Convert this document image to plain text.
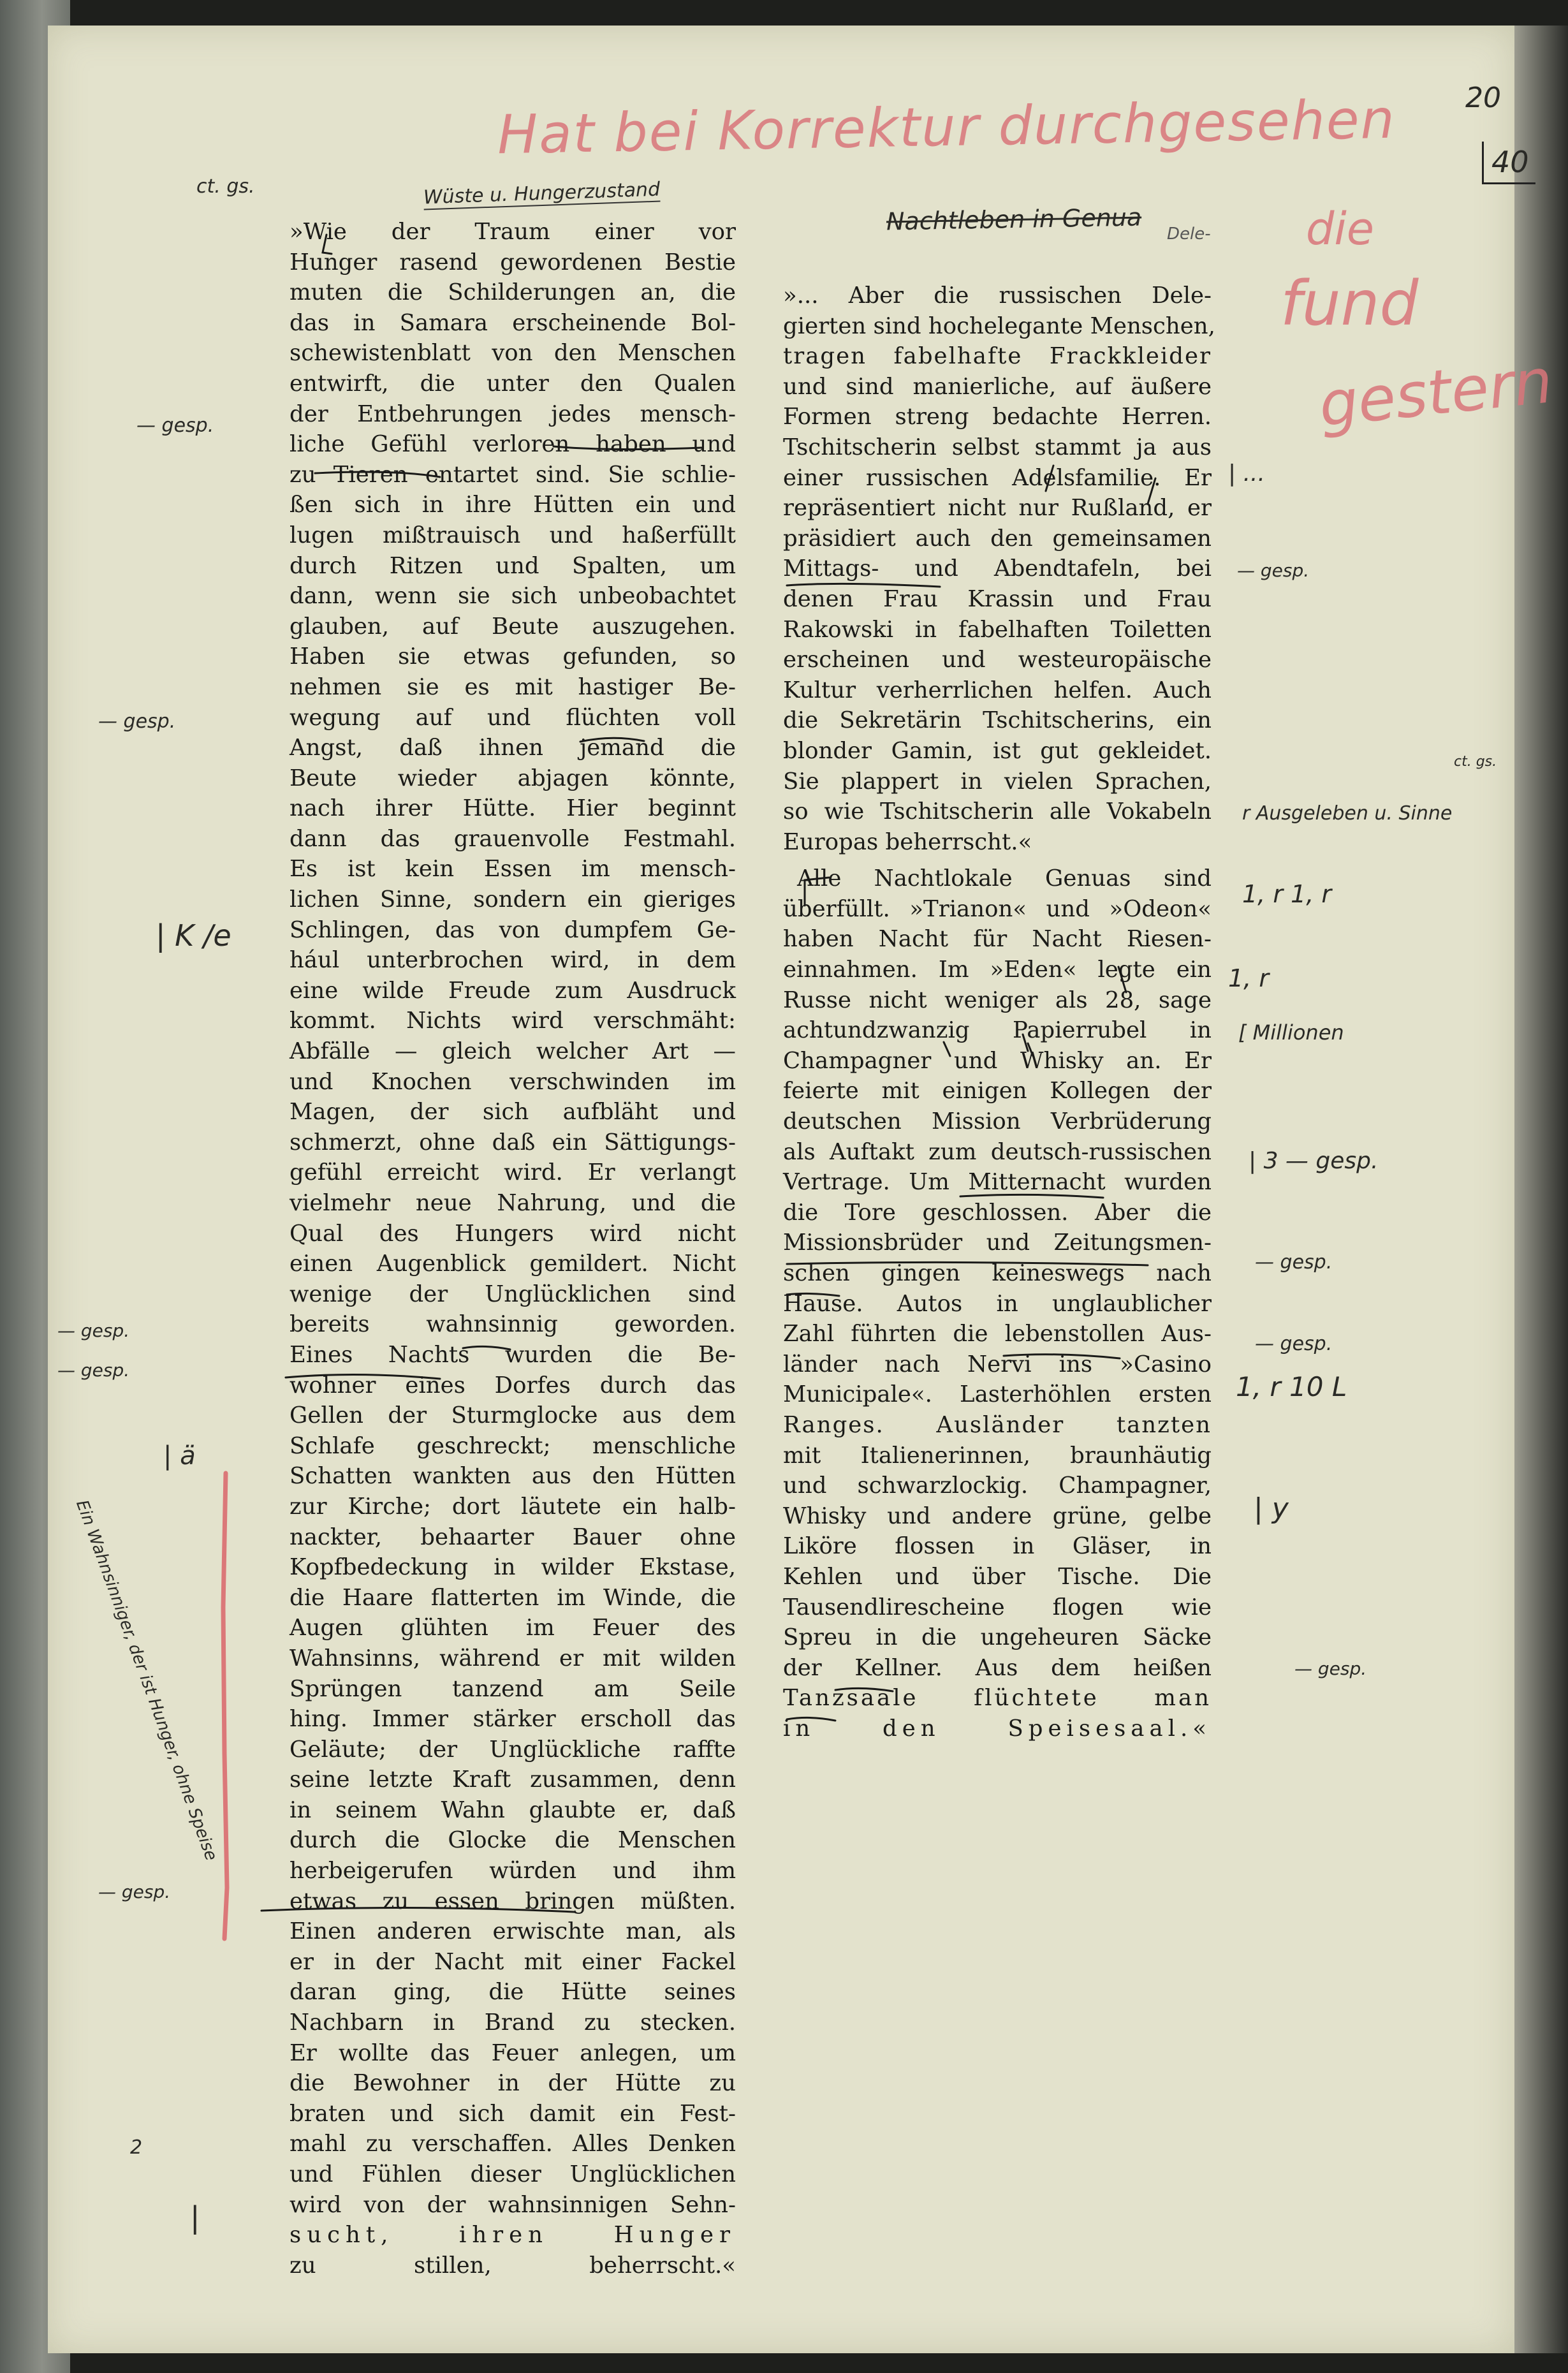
20
40
Hat bei Korrektur durchgesehen
die
fund
gestern
Wüste u. Hungerzustand
Nachtleben in Genua Dele-
ct. gs.
»Wie der Traum einer vor
Hunger rasend gewordenen Bestie
muten die Schilderungen an, die
das in Samara erscheinende Bol-
schewistenblatt von den Menschen
entwirft, die unter den Qualen
der Entbehrungen jedes mensch-
liche Gefühl verloren haben und
zu Tieren entartet sind. Sie schlie-
ßen sich in ihre Hütten ein und
lugen mißtrauisch und haßerfüllt
durch Ritzen und Spalten, um
dann, wenn sie sich unbeobachtet
glauben, auf Beute auszugehen.
Haben sie etwas gefunden, so
nehmen sie es mit hastiger Be-
wegung auf und flüchten voll
Angst, daß ihnen jemand die
Beute wieder abjagen könnte,
nach ihrer Hütte. Hier beginnt
dann das grauenvolle Festmahl.
Es ist kein Essen im mensch-
lichen Sinne, sondern ein gieriges
Schlingen, das von dumpfem Ge-
hául unterbrochen wird, in dem
eine wilde Freude zum Ausdruck
kommt. Nichts wird verschmäht:
Abfälle — gleich welcher Art —
und Knochen verschwinden im
Magen, der sich aufbläht und
schmerzt, ohne daß ein Sättigungs-
gefühl erreicht wird. Er verlangt
vielmehr neue Nahrung, und die
Qual des Hungers wird nicht
einen Augenblick gemildert. Nicht
wenige der Unglücklichen sind
bereits wahnsinnig geworden.
Eines Nachts wurden die Be-
wohner eines Dorfes durch das
Gellen der Sturmglocke aus dem
Schlafe geschreckt; menschliche
Schatten wankten aus den Hütten
zur Kirche; dort läutete ein halb-
nackter, behaarter Bauer ohne
Kopfbedeckung in wilder Ekstase,
die Haare flatterten im Winde, die
Augen glühten im Feuer des
Wahnsinns, während er mit wilden
Sprüngen tanzend am Seile
hing. Immer stärker erscholl das
Geläute; der Unglückliche raffte
seine letzte Kraft zusammen, denn
in seinem Wahn glaubte er, daß
durch die Glocke die Menschen
herbeigerufen würden und ihm
etwas zu essen bringen müßten.
Einen anderen erwischte man, als
er in der Nacht mit einer Fackel
daran ging, die Hütte seines
Nachbarn in Brand zu stecken.
Er wollte das Feuer anlegen, um
die Bewohner in der Hütte zu
braten und sich damit ein Fest-
mahl zu verschaffen. Alles Denken
und Fühlen dieser Unglücklichen
wird von der wahnsinnigen Sehn-
sucht, ihren Hunger
zu stillen, beherrscht.«
»... Aber die russischen Dele-
gierten sind hochelegante Menschen,
tragen fabelhafte Frackkleider
und sind manierliche, auf äußere
Formen streng bedachte Herren.
Tschitscherin selbst stammt ja aus
einer russischen Adelsfamilie. Er
repräsentiert nicht nur Rußland, er
präsidiert auch den gemeinsamen
Mittags- und Abendtafeln, bei
denen Frau Krassin und Frau
Rakowski in fabelhaften Toiletten
erscheinen und westeuropäische
Kultur verherrlichen helfen. Auch
die Sekretärin Tschitscherins, ein
blonder Gamin, ist gut gekleidet.
Sie plappert in vielen Sprachen,
so wie Tschitscherin alle Vokabeln
Europas beherrscht.«
Alle Nachtlokale Genuas sind
überfüllt. »Trianon« und »Odeon«
haben Nacht für Nacht Riesen-
einnahmen. Im »Eden« legte ein
Russe nicht weniger als 28, sage
achtundzwanzig Papierrubel in
Champagner und Whisky an. Er
feierte mit einigen Kollegen der
deutschen Mission Verbrüderung
als Auftakt zum deutsch-russischen
Vertrage. Um Mitternacht wurden
die Tore geschlossen. Aber die
Missionsbrüder und Zeitungsmen-
schen gingen keineswegs nach
Hause. Autos in unglaublicher
Zahl führten die lebenstollen Aus-
länder nach Nervi ins »Casino
Municipale«. Lasterhöhlen ersten
Ranges. Ausländer tanzten
mit Italienerinnen, braunhäutig
und schwarzlockig. Champagner,
Whisky und andere grüne, gelbe
Liköre flossen in Gläser, in
Kehlen und über Tische. Die
Tausendlirescheine flogen wie
Spreu in die ungeheuren Säcke
der Kellner. Aus dem heißen
Tanzsaale flüchtete man
in den Speisesaal.«
— gesp.
— gesp.
| K /e
— gesp.
— gesp.
| ä
— gesp.
2
|
Ein Wahnsinniger, der ist Hunger, ohne Speise
| ...
— gesp.
ct. gs.
r Ausgeleben u. Sinne
1, r 1, r
1, r
[ Millionen
| 3 — gesp.
— gesp.
— gesp.
1, r 10 L
| y
— gesp.
